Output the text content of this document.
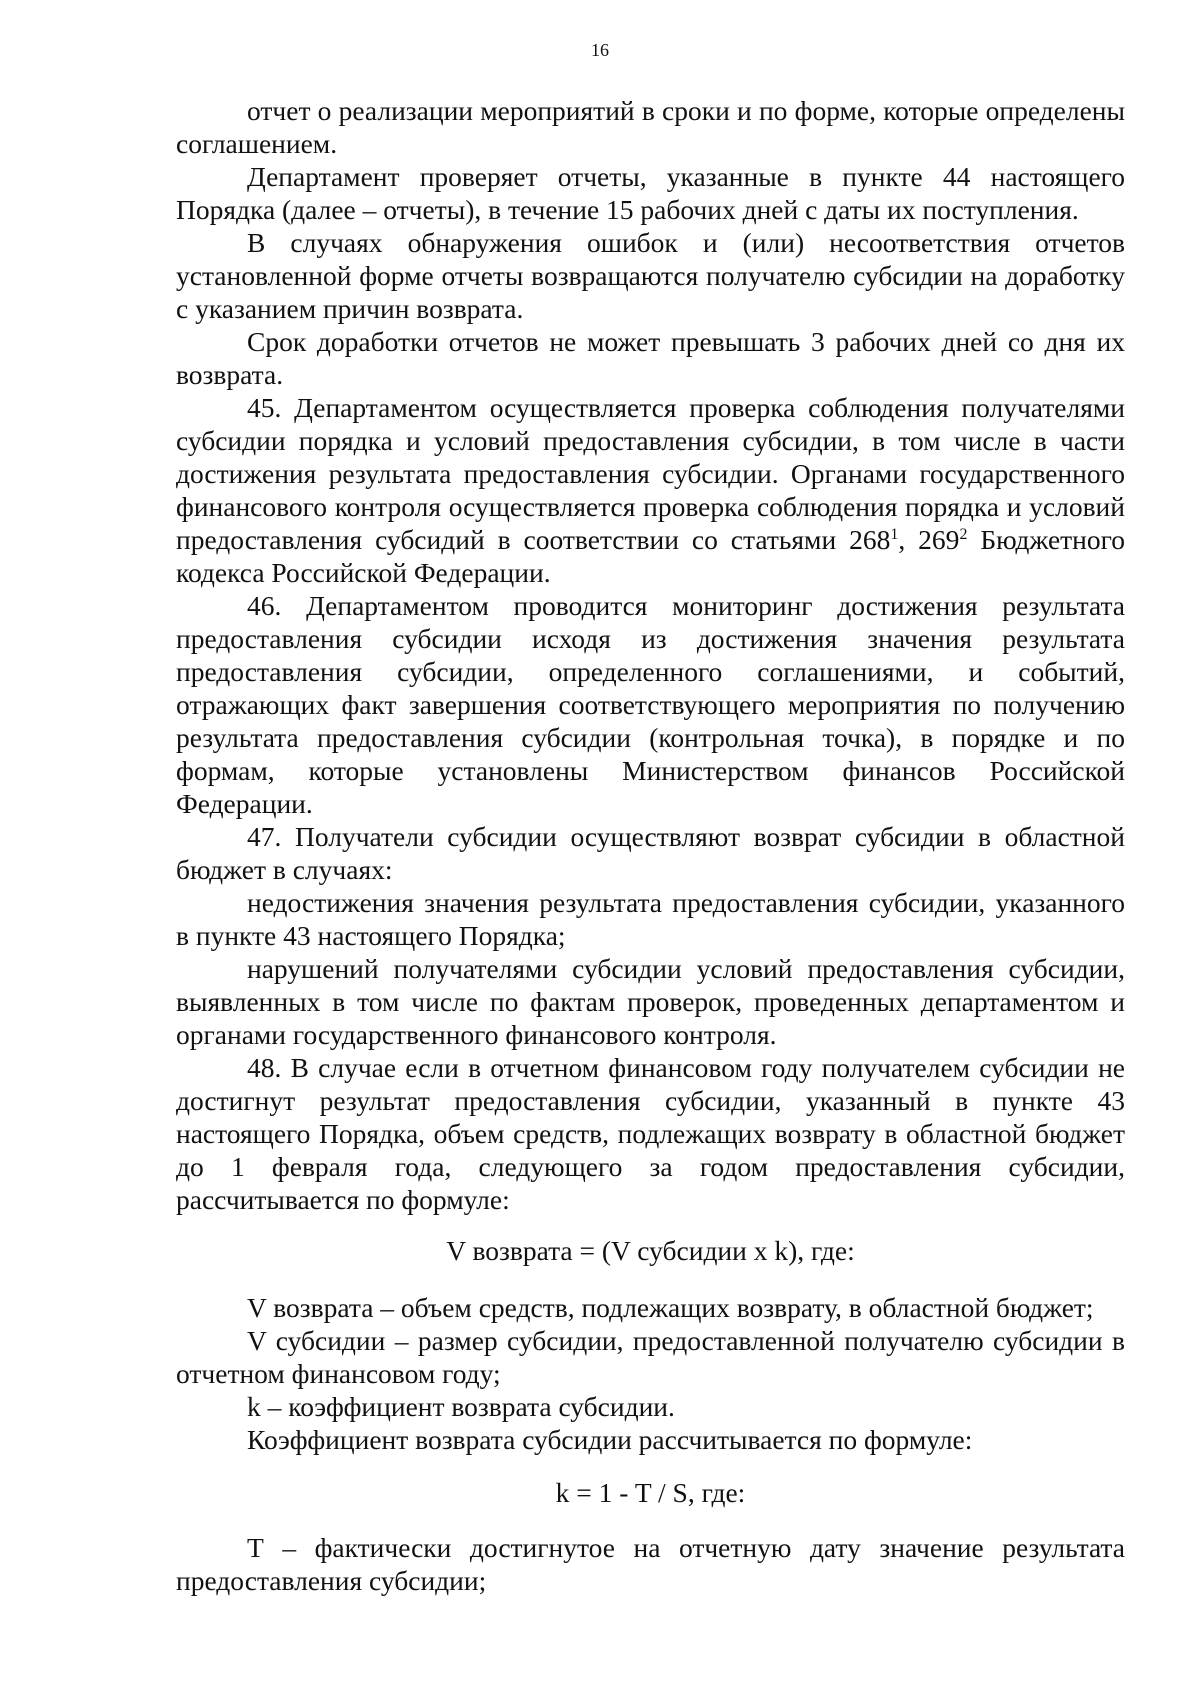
16

отчет о реализации мероприятий в сроки и по форме, которые определены соглашением.

Департамент проверяет отчеты, указанные в пункте 44 настоящего Порядка (далее – отчеты), в течение 15 рабочих дней с даты их поступления.

В случаях обнаружения ошибок и (или) несоответствия отчетов установленной форме отчеты возвращаются получателю субсидии на доработку с указанием причин возврата.

Срок доработки отчетов не может превышать 3 рабочих дней со дня их возврата.

45. Департаментом осуществляется проверка соблюдения получателями субсидии порядка и условий предоставления субсидии, в том числе в части достижения результата предоставления субсидии. Органами государственного финансового контроля осуществляется проверка соблюдения порядка и условий предоставления субсидий в соответствии со статьями $268^1$, $269^2$ Бюджетного кодекса Российской Федерации.

46. Департаментом проводится мониторинг достижения результата предоставления субсидии исходя из достижения значения результата предоставления субсидии, определенного соглашениями, и событий, отражающих факт завершения соответствующего мероприятия по получению результата предоставления субсидии (контрольная точка), в порядке и по формам, которые установлены Министерством финансов Российской Федерации.

47. Получатели субсидии осуществляют возврат субсидии в областной бюджет в случаях:

недостижения значения результата предоставления субсидии, указанного в пункте 43 настоящего Порядка;

нарушений получателями субсидии условий предоставления субсидии, выявленных в том числе по фактам проверок, проведенных департаментом и органами государственного финансового контроля.

48. В случае если в отчетном финансовом году получателем субсидии не достигнут результат предоставления субсидии, указанный в пункте 43 настоящего Порядка, объем средств, подлежащих возврату в областной бюджет до 1 февраля года, следующего за годом предоставления субсидии, рассчитывается по формуле:

V возврата = (V субсидии x k), где:

V возврата – объем средств, подлежащих возврату, в областной бюджет;

V субсидии – размер субсидии, предоставленной получателю субсидии в отчетном финансовом году;

k – коэффициент возврата субсидии.

Коэффициент возврата субсидии рассчитывается по формуле:

k = 1 - T / S, где:

Т – фактически достигнутое на отчетную дату значение результата предоставления субсидии;
